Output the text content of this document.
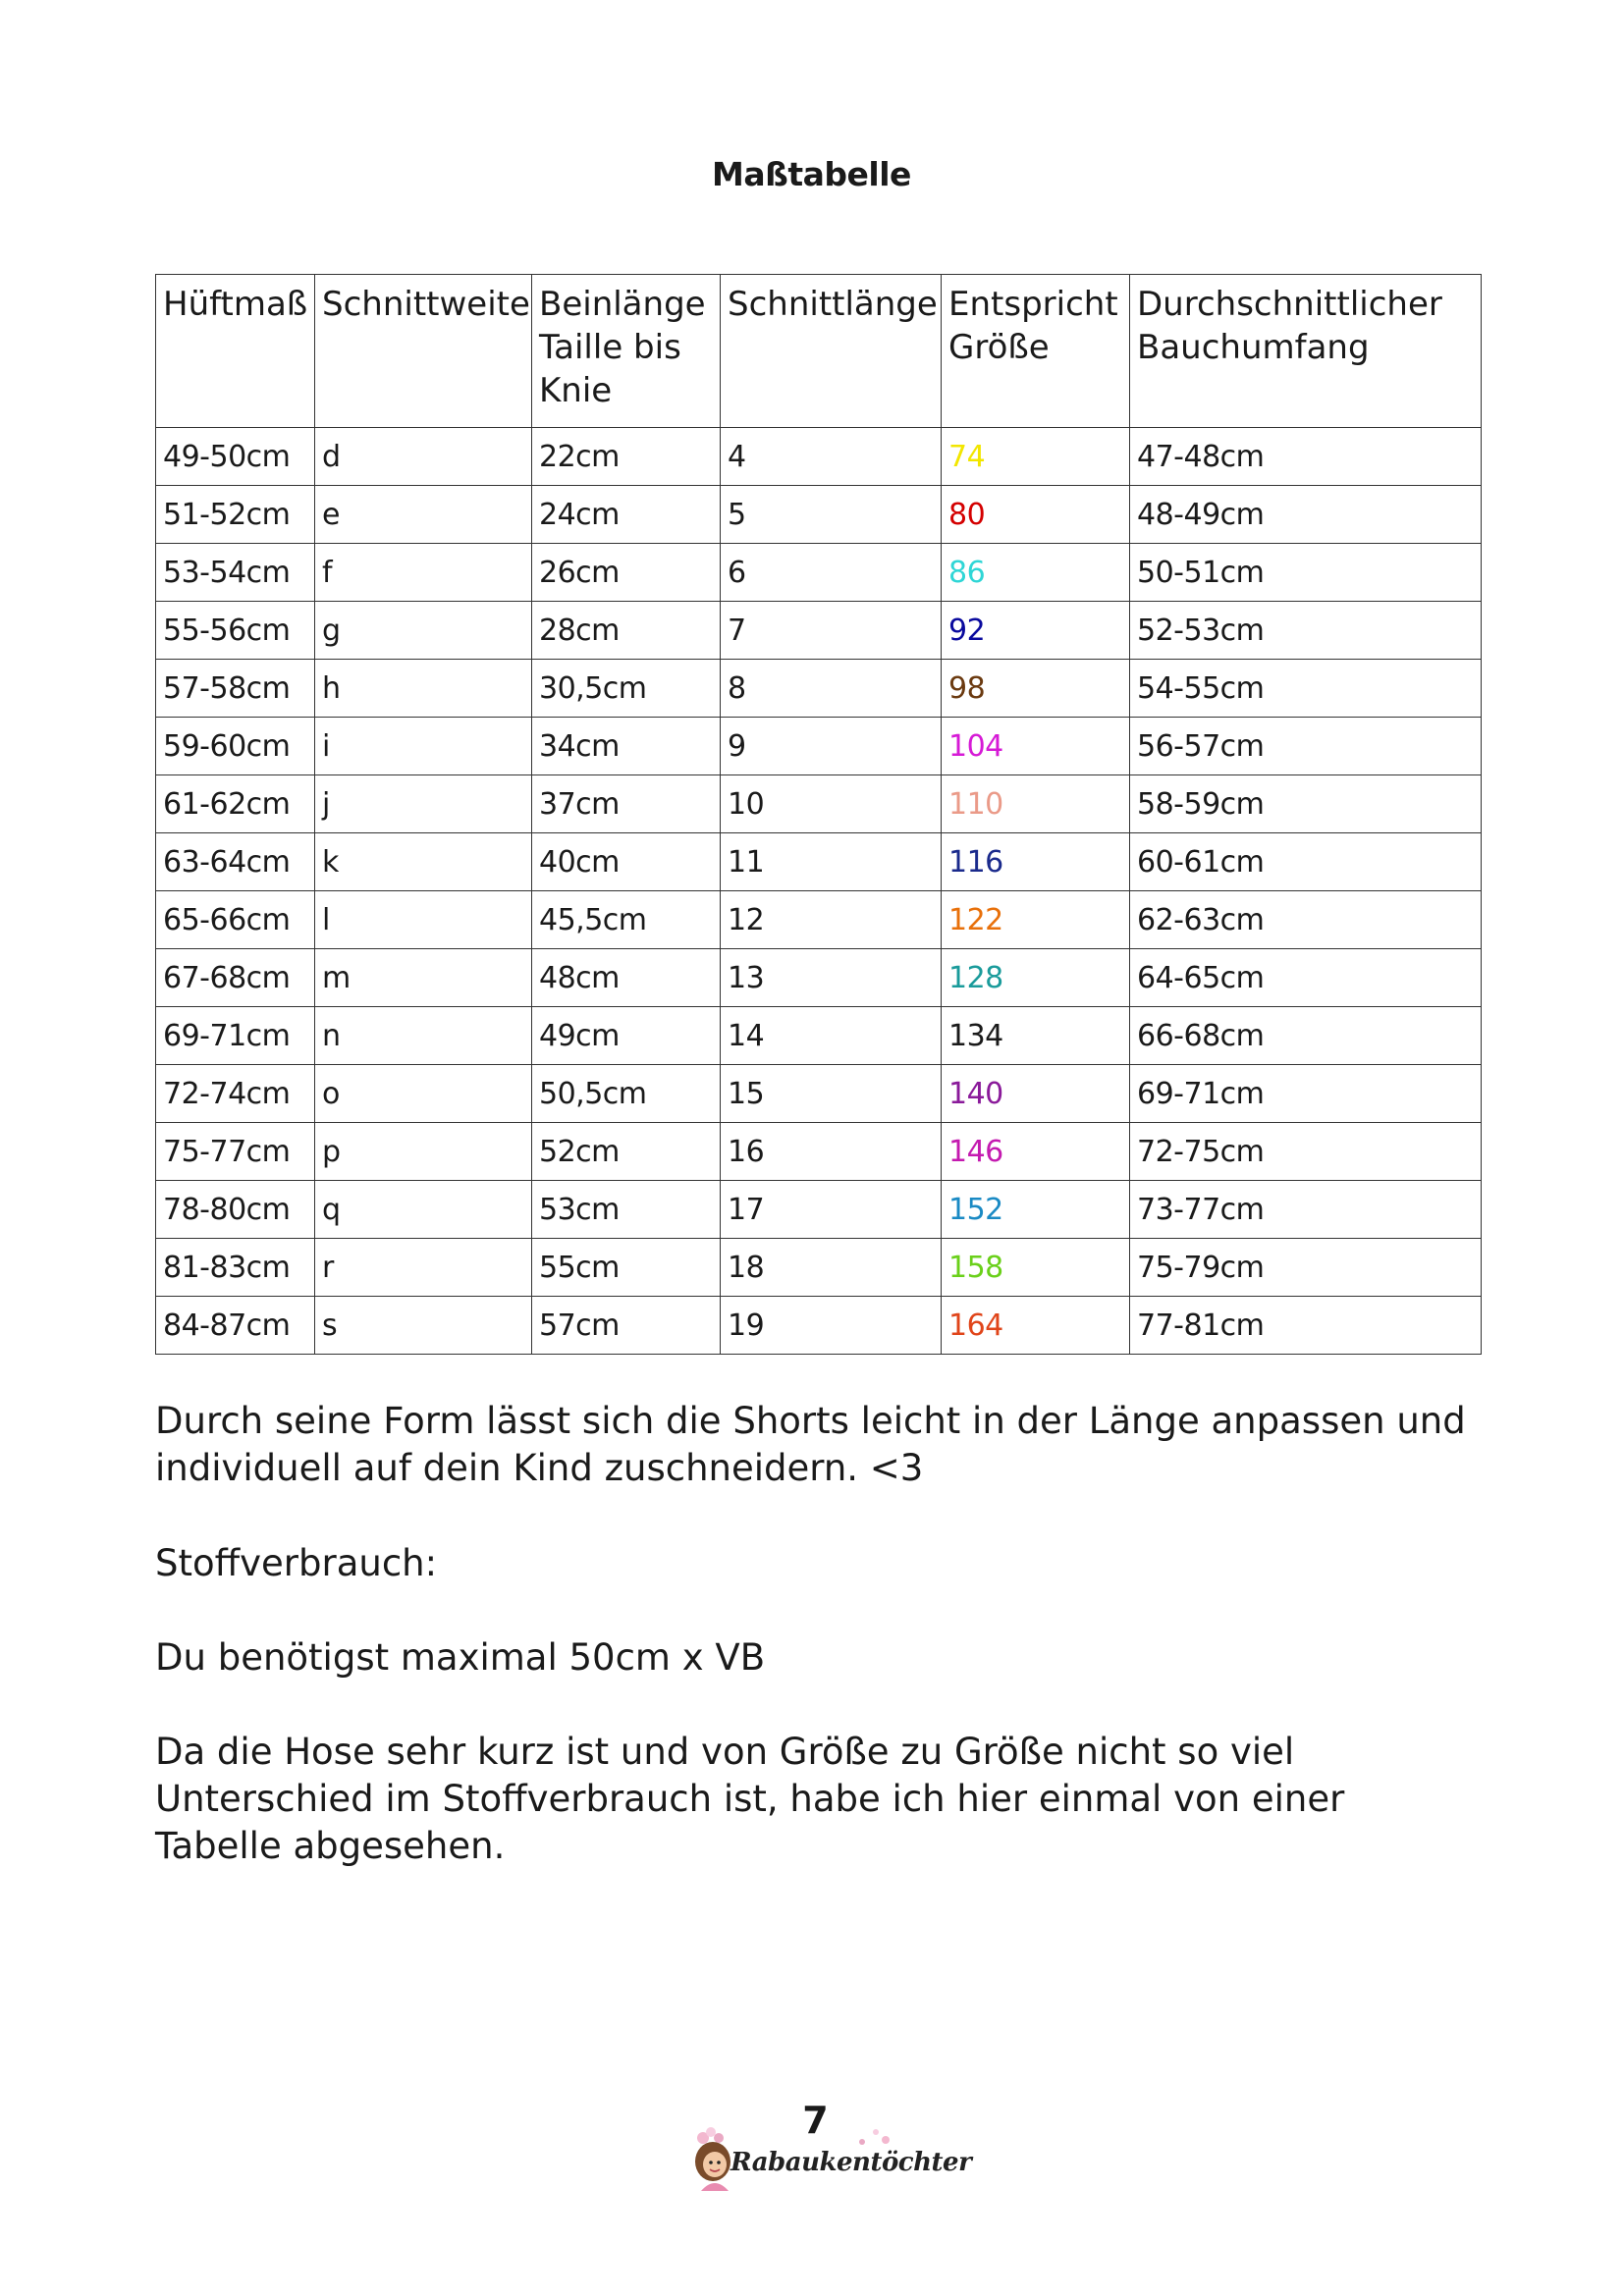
Maßtabelle
Hüftmaß	Schnittweite	Beinlänge Taille bis Knie	Schnittlänge	Entspricht Größe	Durchschnittlicher Bauchumfang
49-50cm	d	22cm	4	74	47-48cm
51-52cm	e	24cm	5	80	48-49cm
53-54cm	f	26cm	6	86	50-51cm
55-56cm	g	28cm	7	92	52-53cm
57-58cm	h	30,5cm	8	98	54-55cm
59-60cm	i	34cm	9	104	56-57cm
61-62cm	j	37cm	10	110	58-59cm
63-64cm	k	40cm	11	116	60-61cm
65-66cm	l	45,5cm	12	122	62-63cm
67-68cm	m	48cm	13	128	64-65cm
69-71cm	n	49cm	14	134	66-68cm
72-74cm	o	50,5cm	15	140	69-71cm
75-77cm	p	52cm	16	146	72-75cm
78-80cm	q	53cm	17	152	73-77cm
81-83cm	r	55cm	18	158	75-79cm
84-87cm	s	57cm	19	164	77-81cm
Durch seine Form lässt sich die Shorts leicht in der Länge anpassen und individuell auf dein Kind zuschneidern. <3
Stoffverbrauch:
Du benötigst maximal 50cm x VB
Da die Hose sehr kurz ist und von Größe zu Größe nicht so viel Unterschied im Stoffverbrauch ist, habe ich hier einmal von einer Tabelle abgesehen.
7
Rabaukentöchter
